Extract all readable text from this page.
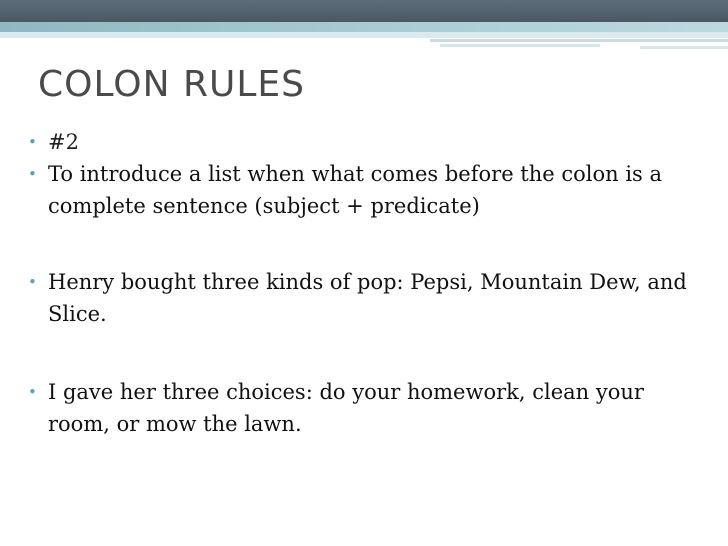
COLON RULES
• #2
• To introduce a list when what comes before the colon is a complete sentence (subject + predicate)
• Henry bought three kinds of pop: Pepsi, Mountain Dew, and Slice.
• I gave her three choices: do your homework, clean your room, or mow the lawn.
